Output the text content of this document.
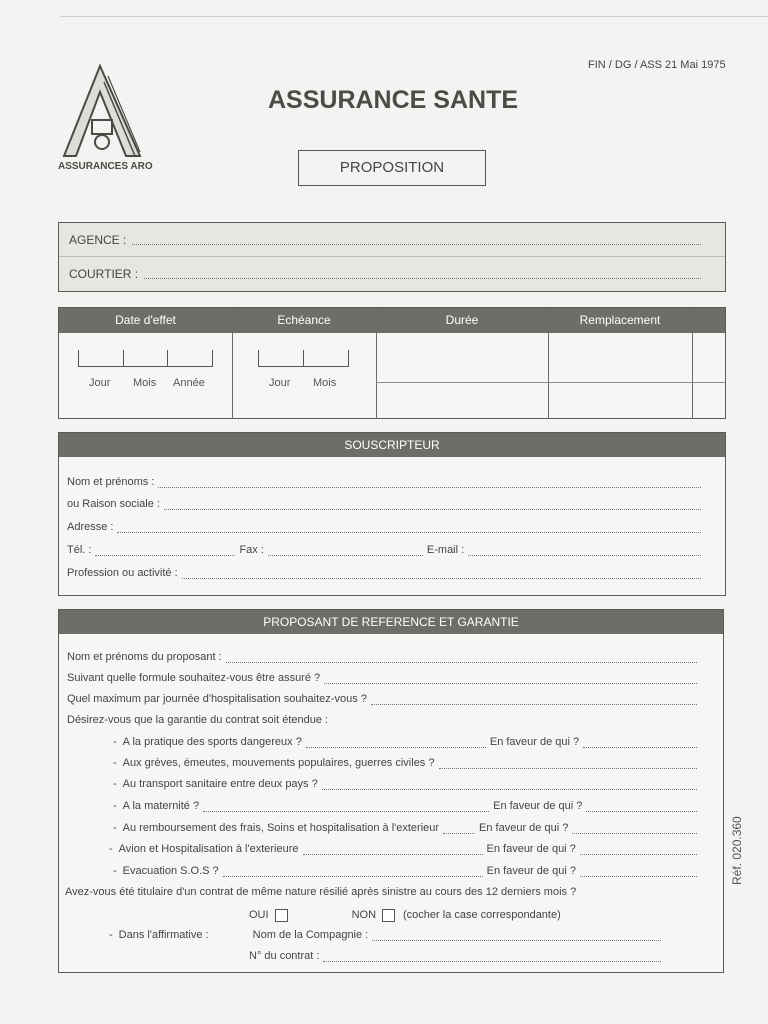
FIN / DG / ASS 21 Mai 1975
ASSURANCES ARO
ASSURANCE SANTE
PROPOSITION
AGENCE :
COURTIER :
Date d'effet	Echéance	Durée	Remplacement
Jour Mois Année	Jour Mois
SOUSCRIPTEUR
Nom et prénoms :
ou Raison sociale :
Adresse :
Tél. :	Fax :	E-mail :
Profession ou activité :
PROPOSANT DE REFERENCE ET GARANTIE
Nom et prénoms du proposant :
Suivant quelle formule souhaitez-vous être assuré ?
Quel maximum par journée d'hospitalisation souhaitez-vous ?
Désirez-vous que la garantie du contrat soit étendue :
- A la pratique des sports dangereux ?	En faveur de qui ?
- Aux grèves, émeutes, mouvements populaires, guerres civiles ?
- Au transport sanitaire entre deux pays ?
- A la maternité ?	En faveur de qui ?
- Au remboursement des frais, Soins et hospitalisation à l'exterieur	En faveur de qui ?
- Avion et Hospitalisation à l'exterieure	En faveur de qui ?
- Evacuation S.O.S ?	En faveur de qui ?
Avez-vous été titulaire d'un contrat de même nature résilié après sinistre au cours des 12 derniers mois ?
OUI	NON (cocher la case correspondante)
- Dans l'affirmative :	Nom de la Compagnie :
N° du contrat :
Réf. 020.360
